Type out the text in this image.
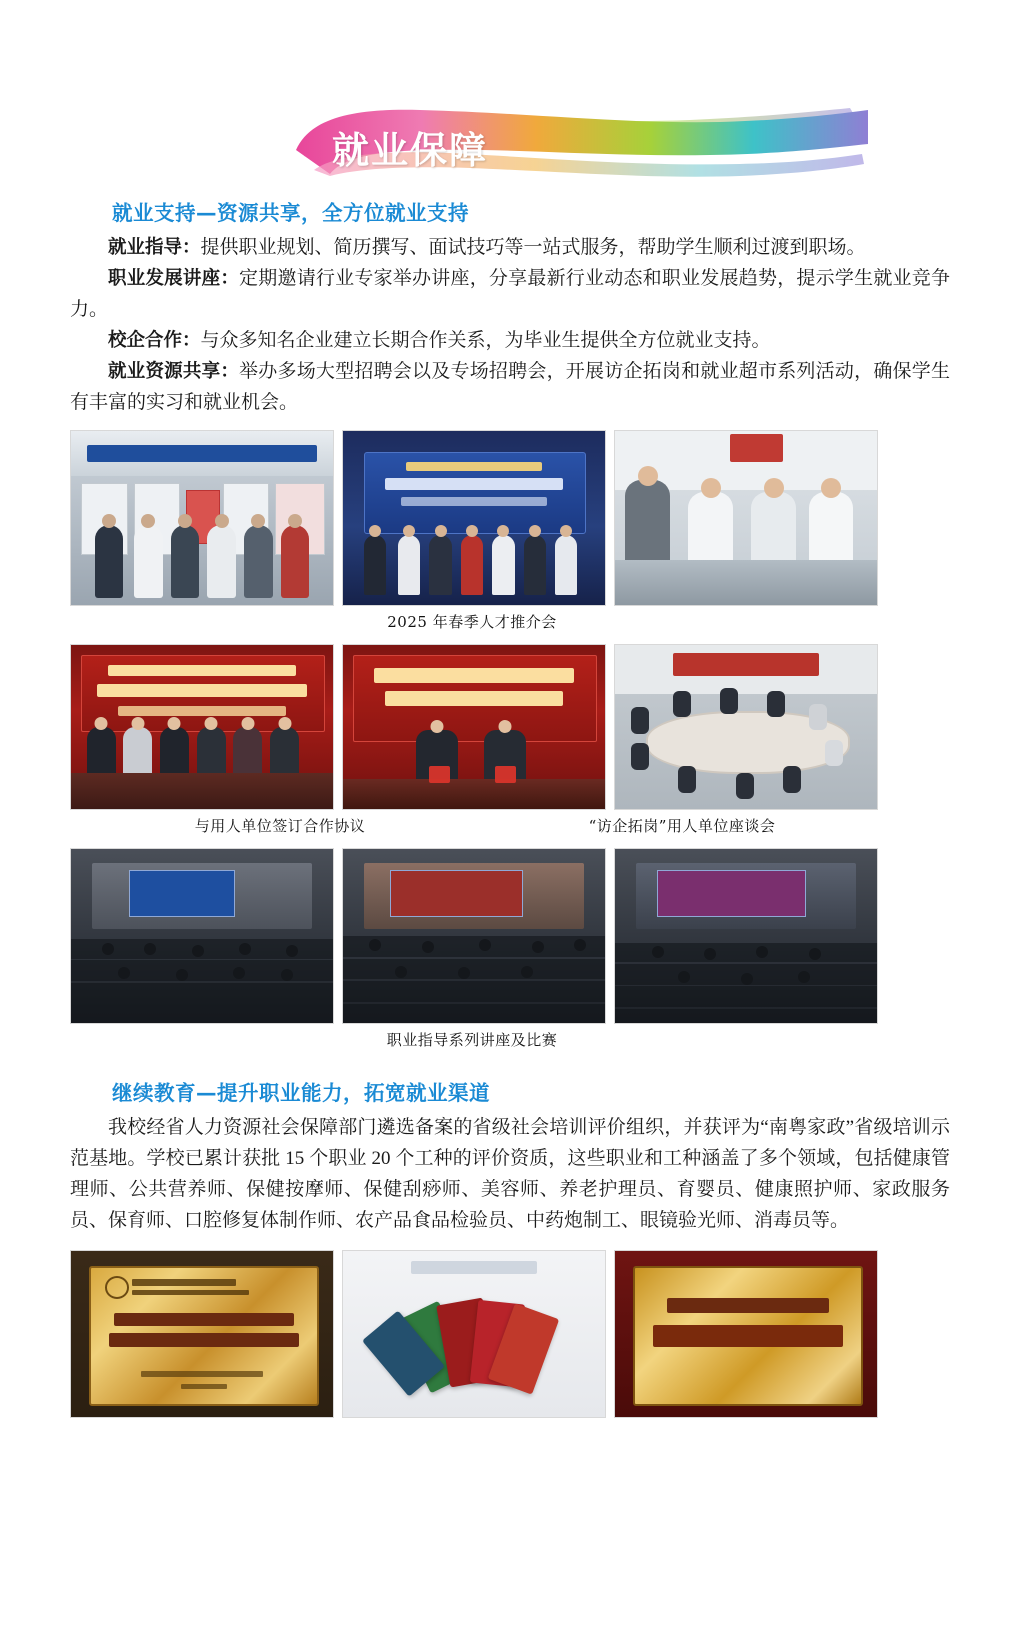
就业保障
就业支持—资源共享，全方位就业支持

就业指导：提供职业规划、简历撰写、面试技巧等一站式服务，帮助学生顺利过渡到职场。

职业发展讲座：定期邀请行业专家举办讲座，分享最新行业动态和职业发展趋势，提示学生就业竞争力。

校企合作：与众多知名企业建立长期合作关系，为毕业生提供全方位就业支持。

就业资源共享：举办多场大型招聘会以及专场招聘会，开展访企拓岗和就业超市系列活动，确保学生有丰富的实习和就业机会。

2025 年春季人才推介会
与用人单位签订合作协议	“访企拓岗”用人单位座谈会
职业指导系列讲座及比赛
继续教育—提升职业能力，拓宽就业渠道

我校经省人力资源社会保障部门遴选备案的省级社会培训评价组织，并获评为“南粤家政”省级培训示范基地。学校已累计获批 15 个职业 20 个工种的评价资质，这些职业和工种涵盖了多个领域，包括健康管理师、公共营养师、保健按摩师、保健刮痧师、美容师、养老护理员、育婴员、健康照护师、家政服务员、保育师、口腔修复体制作师、农产品食品检验员、中药炮制工、眼镜验光师、消毒员等。
